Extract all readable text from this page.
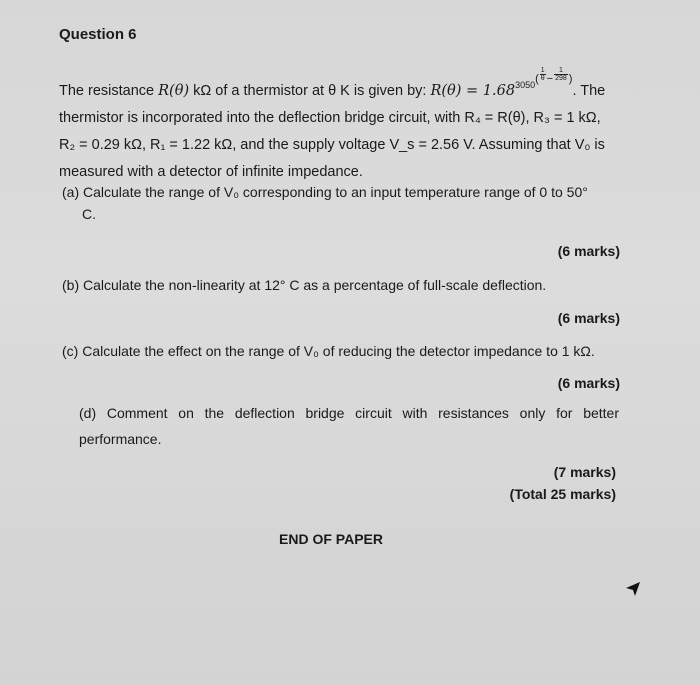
Question 6
The resistance R(θ) kΩ of a thermistor at θ K is given by: $R(\theta) = 1.68^{3050( \frac{1}{\theta} - \frac{1}{298} )}$. The
thermistor is incorporated into the deflection bridge circuit, with R₄ = R(θ), R₃ = 1 kΩ,
R₂ = 0.29 kΩ, R₁ = 1.22 kΩ, and the supply voltage V_s = 2.56 V. Assuming that V₀ is
measured with a detector of infinite impedance.
(a) Calculate the range of V₀ corresponding to an input temperature range of 0 to 50°
C.
(6 marks)
(b) Calculate the non-linearity at 12° C as a percentage of full-scale deflection.
(6 marks)
(c) Calculate the effect on the range of V₀ of reducing the detector impedance to 1 kΩ.
(6 marks)
(d) Comment on the deflection bridge circuit with resistances only for better
performance.
(7 marks)
(Total 25 marks)
END OF PAPER
